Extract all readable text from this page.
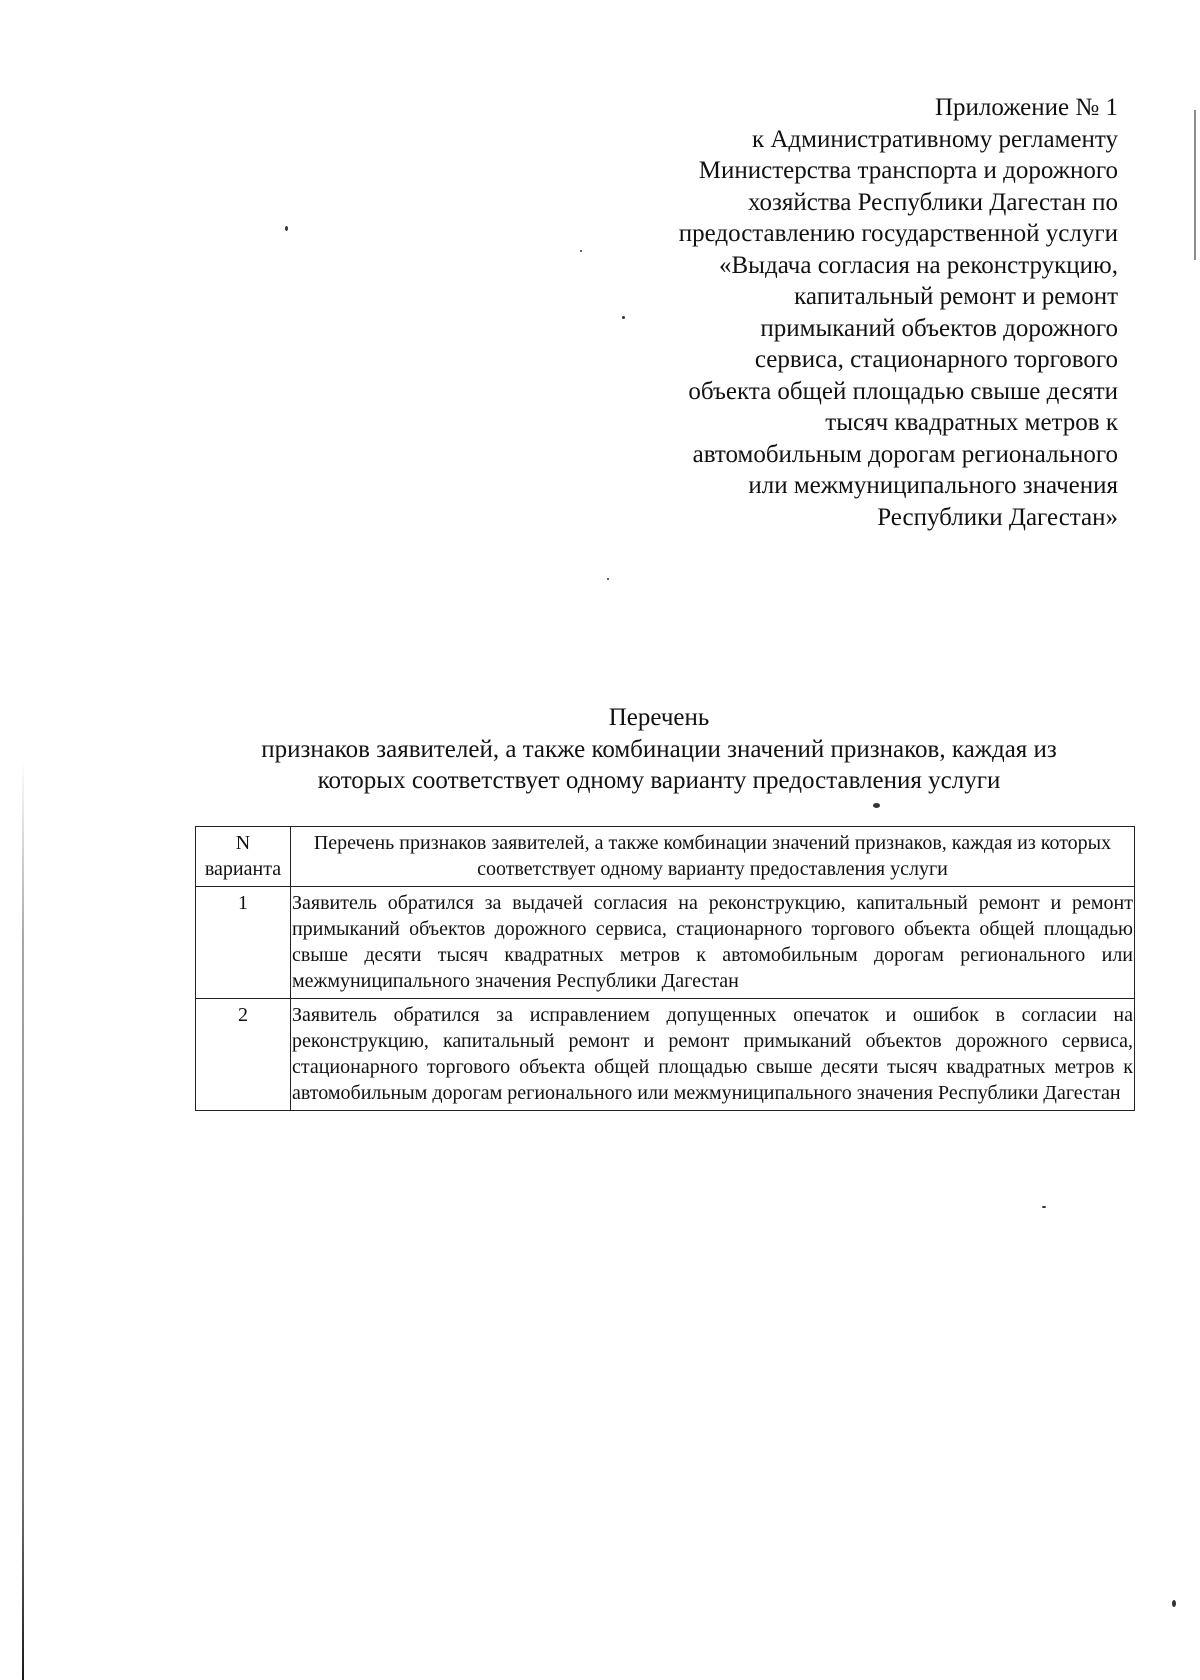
Приложение № 1
к Административному регламенту
Министерства транспорта и дорожного
хозяйства Республики Дагестан по
предоставлению государственной услуги
«Выдача согласия на реконструкцию,
капитальный ремонт и ремонт
примыканий объектов дорожного
сервиса, стационарного торгового
объекта общей площадью свыше десяти
тысяч квадратных метров к
автомобильным дорогам регионального
или межмуниципального значения
Республики Дагестан»
Перечень
признаков заявителей, а также комбинации значений признаков, каждая из
которых соответствует одному варианту предоставления услуги
N
варианта	Перечень признаков заявителей, а также комбинации значений признаков, каждая из которых соответствует одному варианту предоставления услуги
1	Заявитель обратился за выдачей согласия на реконструкцию, капитальный ремонт и ремонт примыканий объектов дорожного сервиса, стационарного торгового объекта общей площадью свыше десяти тысяч квадратных метров к автомобильным дорогам регионального или межмуниципального значения Республики Дагестан
2	Заявитель обратился за исправлением допущенных опечаток и ошибок в согласии на реконструкцию, капитальный ремонт и ремонт примыканий объектов дорожного сервиса, стационарного торгового объекта общей площадью свыше десяти тысяч квадратных метров к автомобильным дорогам регионального или межмуниципального значения Республики Дагестан
